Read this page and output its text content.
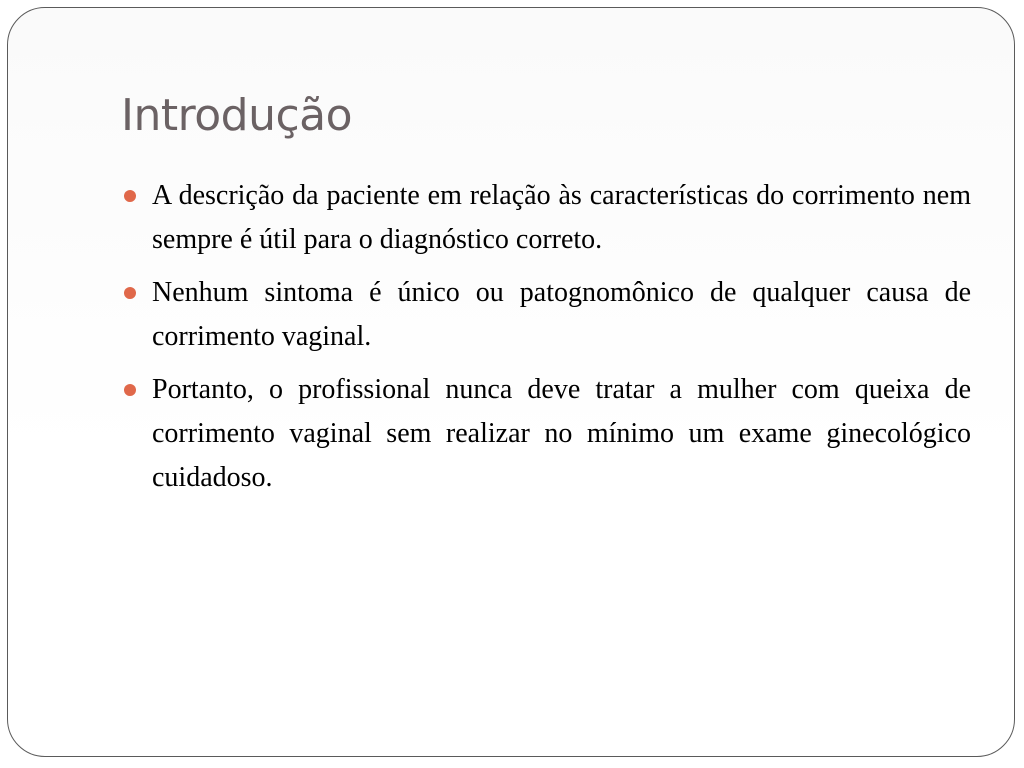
Introdução
A descrição da paciente em relação às características do corrimento nem sempre é útil para o diagnóstico correto.
Nenhum sintoma é único ou patognomônico de qualquer causa de corrimento vaginal.
Portanto, o profissional nunca deve tratar a mulher com queixa de corrimento vaginal sem realizar no mínimo um exame ginecológico cuidadoso.
